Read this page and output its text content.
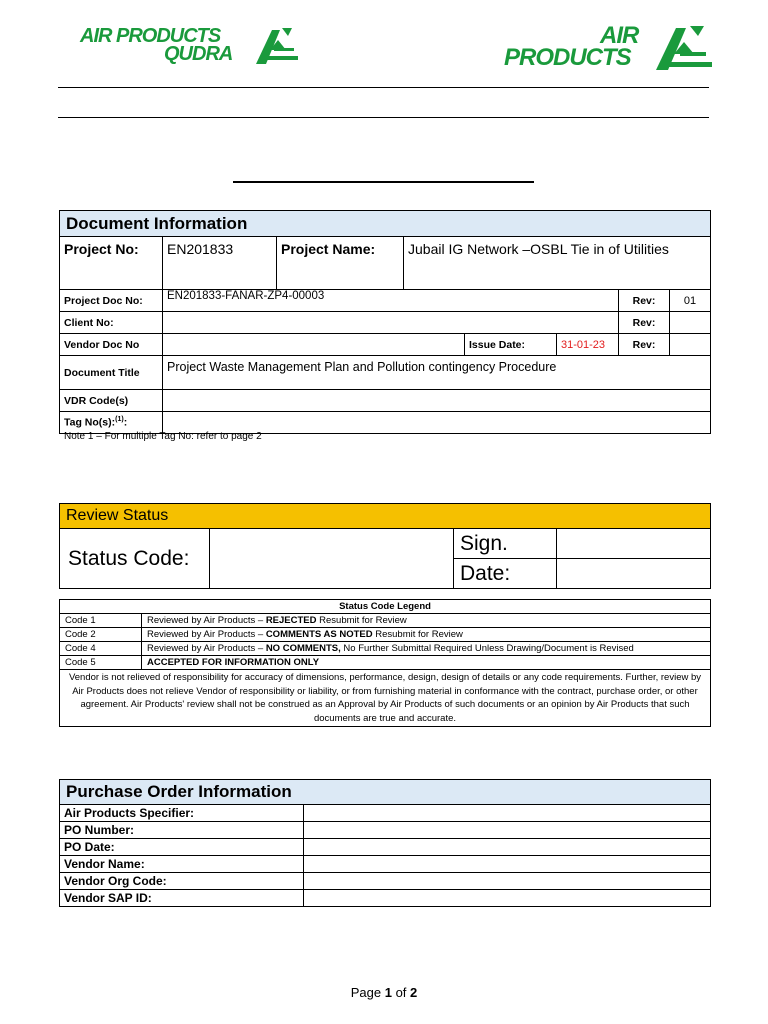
AIR PRODUCTS
QUDRA
AIR
PRODUCTS
Document Information							
Project No:	EN201833	Project Name:	Jubail IG Network –OSBL Tie in of Utilities				
Project Doc No:	EN201833-FANAR-ZP4-00003					Rev:	01
Client No:						Rev:	
Vendor Doc No				Issue Date:	31-01-23	Rev:	
Document Title	Project Waste Management Plan and Pollution contingency Procedure						
VDR Code(s)							
Tag No(s):$^{(1)}$:							
Note 1 – For multiple Tag No: refer to page 2
Review Status			
Status Code:		Sign.	
		Date:	
Status Code Legend	
Code 1	Reviewed by Air Products – REJECTED Resubmit for Review
Code 2	Reviewed by Air Products – COMMENTS AS NOTED Resubmit for Review
Code 4	Reviewed by Air Products – NO COMMENTS, No Further Submittal Required Unless Drawing/Document is Revised
Code 5	ACCEPTED FOR INFORMATION ONLY
Vendor is not relieved of responsibility for accuracy of dimensions, performance, design, design of details or any code requirements. Further, review by Air Products does not relieve Vendor of responsibility or liability, or from furnishing material in conformance with the contract, purchase order, or other agreement. Air Products' review shall not be construed as an Approval by Air Products of such documents or an opinion by Air Products that such documents are true and accurate.	
Purchase Order Information	
Air Products Specifier:	
PO Number:	
PO Date:	
Vendor Name:	
Vendor Org Code:	
Vendor SAP ID:	
Page 1 of 2
